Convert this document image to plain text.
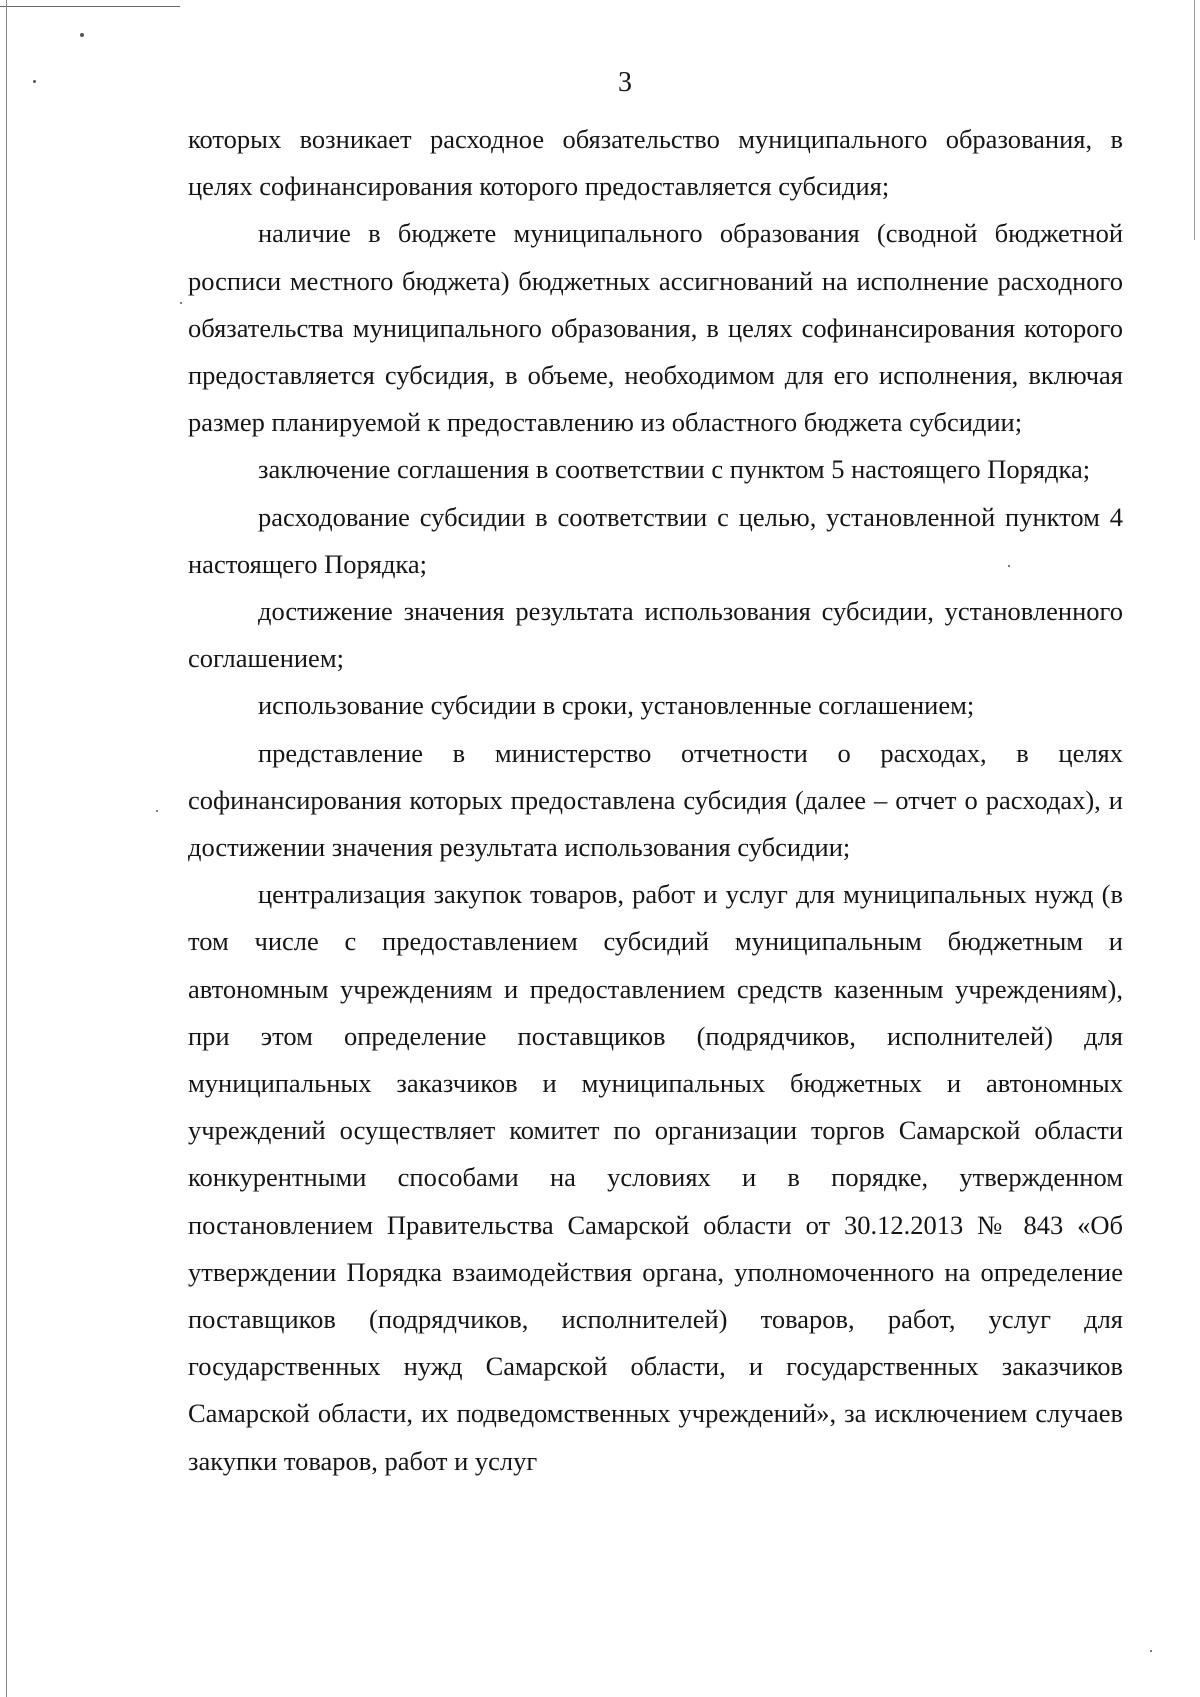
3

которых возникает расходное обязательство муниципального образования, в целях софинансирования которого предоставляется субсидия;

наличие в бюджете муниципального образования (сводной бюджетной росписи местного бюджета) бюджетных ассигнований на исполнение расходного обязательства муниципального образования, в целях софинансирования которого предоставляется субсидия, в объеме, необходимом для его исполнения, включая размер планируемой к предоставлению из областного бюджета субсидии;

заключение соглашения в соответствии с пунктом 5 настоящего Порядка;

расходование субсидии в соответствии с целью, установленной пунктом 4 настоящего Порядка;

достижение значения результата использования субсидии, установленного соглашением;

использование субсидии в сроки, установленные соглашением;

представление в министерство отчетности о расходах, в целях софинансирования которых предоставлена субсидия (далее – отчет о расходах), и достижении значения результата использования субсидии;

централизация закупок товаров, работ и услуг для муниципальных нужд (в том числе с предоставлением субсидий муниципальным бюджетным и автономным учреждениям и предоставлением средств казенным учреждениям), при этом определение поставщиков (подрядчиков, исполнителей) для муниципальных заказчиков и муниципальных бюджетных и автономных учреждений осуществляет комитет по организации торгов Самарской области конкурентными способами на условиях и в порядке, утвержденном постановлением Правительства Самарской области от 30.12.2013 № 843 «Об утверждении Порядка взаимодействия органа, уполномоченного на определение поставщиков (подрядчиков, исполнителей) товаров, работ, услуг для государственных нужд Самарской области, и государственных заказчиков Самарской области, их подведомственных учреждений», за исключением случаев закупки товаров, работ и услуг
